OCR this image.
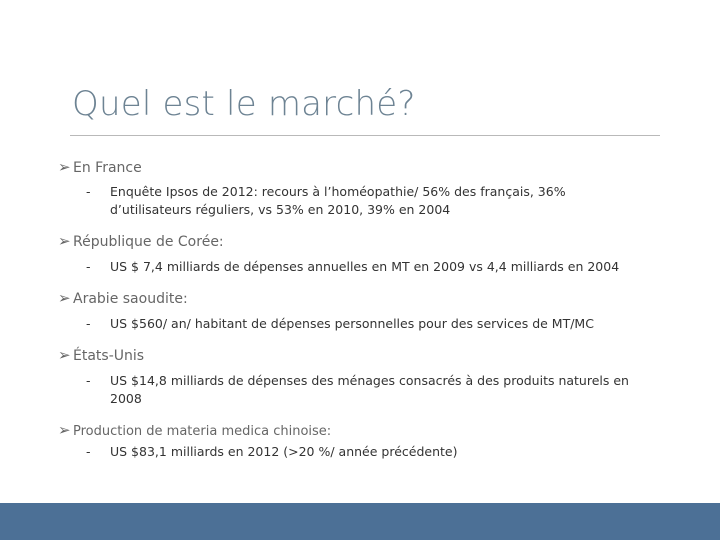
Quel est le marché?
➢ En France
-	Enquête Ipsos de 2012: recours à l’homéopathie/ 56% des français, 36% d’utilisateurs réguliers, vs 53% en 2010, 39% en 2004
➢ République de Corée:
-	US $ 7,4 milliards de dépenses annuelles en MT en 2009 vs 4,4 milliards en 2004
➢ Arabie saoudite:
-	US $560/ an/ habitant de dépenses personnelles pour des services de MT/MC
➢ États-Unis
-	US $14,8 milliards de dépenses des ménages consacrés à des produits naturels en 2008
➢ Production de materia medica chinoise:
-	US $83,1 milliards en 2012 (>20 %/ année précédente)
